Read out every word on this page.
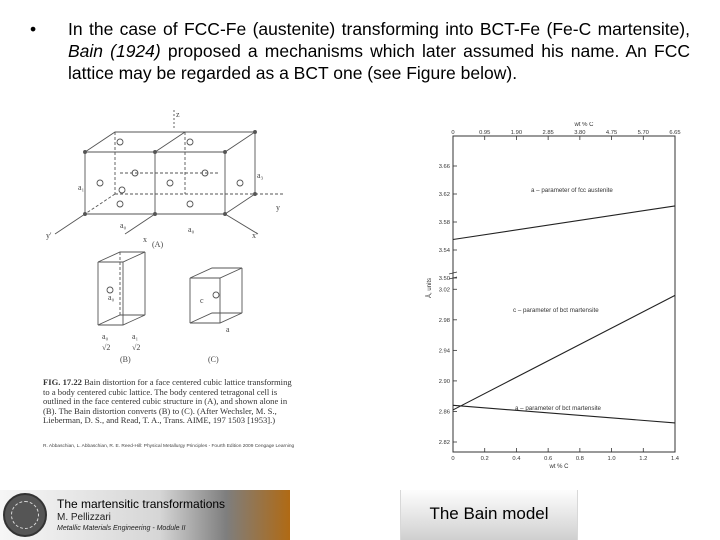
• In the case of FCC-Fe (austenite) transforming into BCT-Fe (Fe-C martensite), Bain (1924) proposed a mechanisms which later assumed his name. An FCC lattice may be regarded as a BCT one (see Figure below).
z
y
y'	x	x'
a₁
a₃
a₀
a₀
(A)
a₀	c
a
a₀	a₁
√2	√2
(B)	(C)
FIG. 17.22 Bain distortion for a face centered cubic lattice transforming to a body centered cubic lattice. The body centered tetragonal cell is outlined in the face centered cubic structure in (A), and shown alone in (B). The Bain distortion converts (B) to (C). (After Wechsler, M. S., Lieberman, D. S., and Read, T. A., Trans. AIME, 197 1503 [1953].)
R. Abbaschian, L. Abbaschian, R. E. Reed-Hill: Physical Metallurgy Principles - Fourth Edition 2009 Cengage Learning
0	0.95	1.90	2.85	3.80	4.75	5.70	6.65
wt % C
0	0.2	0.4	0.6	0.8	1.0	1.2	1.4
wt % C
3.66
3.62
3.58
3.54
3.50
3.02
2.98
2.94
2.90
2.86
2.82
Å, units
a – parameter of fcc austenite
c – parameter of bct martensite
a – parameter of bct martensite
The martensitic transformations
M. Pellizzari
Metallic Materials Engineering - Module II
The Bain model
